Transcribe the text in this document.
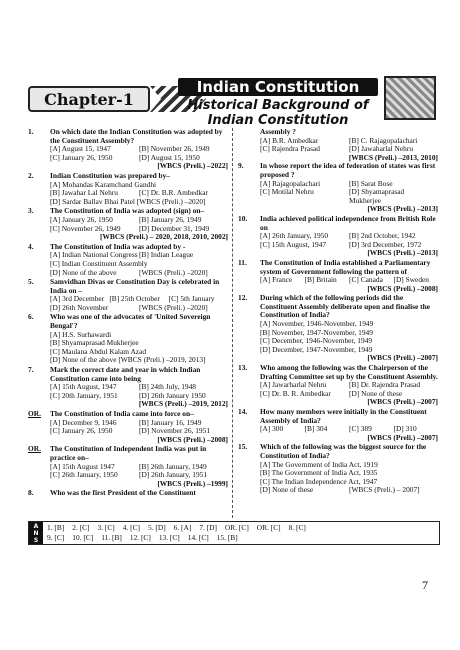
Chapter-1
Indian Constitution
Historical Background of
Indian Constitution
1.	On which date the Indian Constitution was adopted by the Constituent Assembly?
[A] August 15, 1947	[B] November 26, 1949
[C] January 26, 1950	[D] August 15, 1950
[WBCS (Preli.) –2022]
2.	Indian Constitution was prepared by–
[A] Mohandas Karamchand Gandhi
[B] Jawahar Lal Nehru	[C] Dr. B.R. Ambedkar
[D] Sardar Ballav Bhai Patel [WBCS (Preli.) –2020]
3.	The Constitution of India was adopted (sign) on–
[A] January 26, 1950	[B] January 26, 1949
[C] November 26, 1949	[D] December 31, 1949
[WBCS (Preli.) – 2020, 2018, 2010, 2002]
4.	The Constitution of India was adopted by -
[A] Indian National Congress [B] Indian League
[C] Indian Constituent Assembly
[D] None of the above	[WBCS (Preli.) –2020]
5.	Samvidhan Divas or Constitution Day is celebrated in India on –
[A] 3rd December [B] 25th October	[C] 5th January
[D] 26th November	[WBCS (Preli.) –2020]
6.	Who was one of the advocates of 'United Sovereign Bengal'?
[A] H.S. Surhawardi
[B] Shyamaprasad Mukherjee
[C] Maulana Abdul Kalam Azad
[D] None of the above [WBCS (Preli.) –2019, 2013]
7.	Mark the correct date and year in which Indian Constitution came into being
[A] 15th August, 1947	[B] 24th July, 1948
[C] 20th January, 1951	[D] 26th January 1950
[WBCS (Preli.) –2019, 2012]
OR.	The Constitution of India came into force on–
[A] December 9, 1946	[B] January 16, 1949
[C] January 26, 1950	[D] November 26, 1951
[WBCS (Preli.) –2008]
OR.	The Constitution of Independent India was put in practice on–
[A] 15th August 1947	[B] 26th January, 1949
[C] 26th January, 1950	[D] 26th January, 1951
[WBCS (Preli.) –1999]
8.	Who was the first President of the Constituent
Assembly ?
[A] B.R. Ambedkar	[B] C. Rajagopalachari
[C] Rajendra Prasad	[D] Jawaharlal Nehru
[WBCS (Preli.) –2013, 2010]
9.	In whose report the idea of federation of states was first proposed ?
[A] Rajagopalachari	[B] Sarat Bose
[C] Motilal Nehru	[D] Shyamaprasad Mukherjee
[WBCS (Preli.) –2013]
10.	India achieved political independence from British Role on
[A] 26th January, 1950	[B] 2nd October, 1942
[C] 15th August, 1947	[D] 3rd December, 1972
[WBCS (Preli.) –2013]
11.	The Constitution of India established a Parliamentary system of Government following the pattern of
[A] France	[B] Britain	[C] Canada	[D] Sweden
[WBCS (Preli.) –2008]
12.	During which of the following periods did the Constituent Assembly deliberate upon and finalise the Constitution of India?
[A] November, 1946-November, 1949
[B] November, 1947-November, 1949
[C] December, 1946-November, 1949
[D] December, 1947-November, 1949
[WBCS (Preli.) –2007]
13.	Who among the following was the Chairperson of the Drafting Committee set up by the Constituent Assembly.
[A] Jawarharlal Nehru	[B] Dr. Rajendra Prasad
[C] Dr. B. R. Ambedkar	[D] None of these
[WBCS (Preli.) –2007]
14.	How many members were initially in the Constituent Assembly of India?
[A] 300	[B] 304	[C] 389	[D] 310
[WBCS (Preli.) –2007]
15.	Which of the following was the biggest source for the Constitution of India?
[A] The Government of India Act, 1919
[B] The Government of India Act, 1935
[C] The Indian Independence Act, 1947
[D] None of these	[WBCS (Preli.) – 2007]
A
N
S
1. [B] 2. [C] 3. [C] 4. [C] 5. [D] 6. [A] 7. [D] OR. [C] OR. [C] 8. [C]
9. [C] 10. [C] 11. [B] 12. [C] 13. [C] 14. [C] 15. [B]
7
